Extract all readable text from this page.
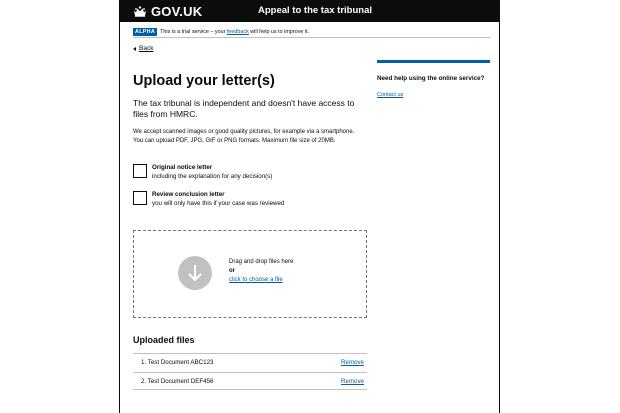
GOV.UK	Appeal to the tax tribunal
ALPHA This is a trial service – your
feedback
will help us to improve it.
Back
Upload your letter(s)

The tax tribunal is independent and doesn't have access to files from HMRC.

We accept scanned images or good quality pictures, for example via a smartphone. You can upload PDF, JPG, GIF or PNG formats. Maximum file size of 20MB.

Original notice letter
including the explanation for any decision(s)
Review conclusion letter
you will only have this if your case was reviewed
Drag and drop files here
or
click to choose a file
Uploaded files
1. Test Document ABC123	Remove
2. Test Document DEF456	Remove
Need help using the online service?
Contact us
